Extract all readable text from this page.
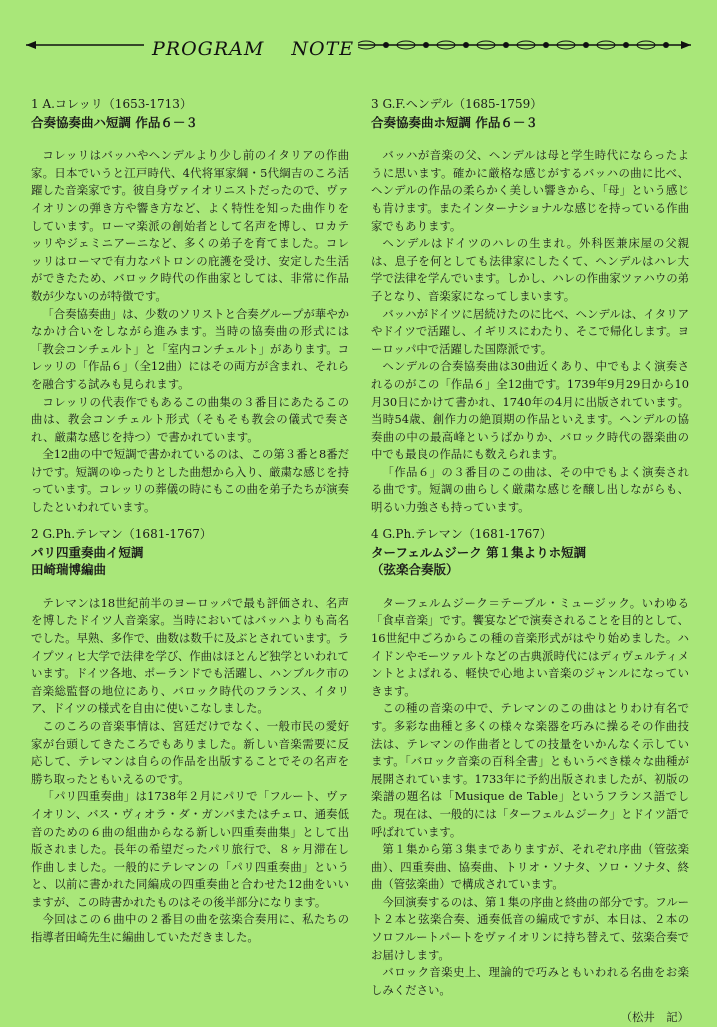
PROGRAM　 NOTE

1 A.コレッリ（1653-1713）

合奏協奏曲ハ短調 作品６－３

コレッリはバッハやヘンデルより少し前のイタリアの作曲家。日本でいうと江戸時代、4代将軍家綱・5代綱吉のころ活躍した音楽家です。彼自身ヴァイオリニストだったので、ヴァイオリンの弾き方や響き方など、よく特性を知った曲作りをしています。ローマ楽派の創始者として名声を博し、ロカテッリやジェミニアーニなど、多くの弟子を育てました。コレッリはローマで有力なパトロンの庇護を受け、安定した生活ができたため、バロック時代の作曲家としては、非常に作品数が少ないのが特徴です。

「合奏協奏曲」は、少数のソリストと合奏グループが華やかなかけ合いをしながら進みます。当時の協奏曲の形式には「教会コンチェルト」と「室内コンチェルト」があります。コレッリの「作品６」（全12曲）にはその両方が含まれ、それらを融合する試みも見られます。

コレッリの代表作でもあるこの曲集の３番目にあたるこの曲は、教会コンチェルト形式（そもそも教会の儀式で奏され、厳粛な感じを持つ）で書かれています。

全12曲の中で短調で書かれているのは、この第３番と8番だけです。短調のゆったりとした曲想から入り、厳粛な感じを持っています。コレッリの葬儀の時にもこの曲を弟子たちが演奏したといわれています。

3 G.F.ヘンデル（1685-1759）

合奏協奏曲ホ短調 作品６－３

バッハが音楽の父、ヘンデルは母と学生時代にならったように思います。確かに厳格な感じがするバッハの曲に比べ、ヘンデルの作品の柔らかく美しい響きから、「母」という感じも肯けます。またインターナショナルな感じを持っている作曲家でもあります。

ヘンデルはドイツのハレの生まれ。外科医兼床屋の父親は、息子を何としても法律家にしたくて、ヘンデルはハレ大学で法律を学んでいます。しかし、ハレの作曲家ツァハウの弟子となり、音楽家になってしまいます。

バッハがドイツに居続けたのに比べ、ヘンデルは、イタリアやドイツで活躍し、イギリスにわたり、そこで帰化します。ヨーロッパ中で活躍した国際派です。

ヘンデルの合奏協奏曲は30曲近くあり、中でもよく演奏されるのがこの「作品６」全12曲です。1739年9月29日から10月30日にかけて書かれ、1740年の4月に出版されています。当時54歳、創作力の絶頂期の作品といえます。ヘンデルの協奏曲の中の最高峰というばかりか、バロック時代の器楽曲の中でも最良の作品にも数えられます。

「作品６」の３番目のこの曲は、その中でもよく演奏される曲です。短調の曲らしく厳粛な感じを醸し出しながらも、明るい力強さも持っています。

2 G.Ph.テレマン（1681-1767）

パリ四重奏曲イ短調

田崎瑞博編曲

テレマンは18世紀前半のヨーロッパで最も評価され、名声を博したドイツ人音楽家。当時においてはバッハよりも高名でした。早熟、多作で、曲数は数千に及ぶとされています。ライプツィヒ大学で法律を学び、作曲はほとんど独学といわれています。ドイツ各地、ポーランドでも活躍し、ハンブルク市の音楽総監督の地位にあり、バロック時代のフランス、イタリア、ドイツの様式を自由に使いこなしました。

このころの音楽事情は、宮廷だけでなく、一般市民の愛好家が台頭してきたころでもありました。新しい音楽需要に反応して、テレマンは自らの作品を出版することでその名声を勝ち取ったともいえるのです。

「パリ四重奏曲」は1738年２月にパリで「フルート、ヴァイオリン、バス・ヴィオラ・ダ・ガンバまたはチェロ、通奏低音のための６曲の組曲からなる新しい四重奏曲集」として出版されました。長年の希望だったパリ旅行で、８ヶ月滞在し作曲しました。一般的にテレマンの「パリ四重奏曲」というと、以前に書かれた同編成の四重奏曲と合わせた12曲をいいますが、この時書かれたものはその後半部分になります。

今回はこの６曲中の２番目の曲を弦楽合奏用に、私たちの指導者田崎先生に編曲していただきました。

4 G.Ph.テレマン（1681-1767）

ターフェルムジーク 第１集よりホ短調

（弦楽合奏版）

ターフェルムジーク＝テーブル・ミュージック。いわゆる「食卓音楽」です。饗宴などで演奏されることを目的として、16世紀中ごろからこの種の音楽形式がはやり始めました。ハイドンやモーツァルトなどの古典派時代にはディヴェルティメントとよばれる、軽快で心地よい音楽のジャンルになっていきます。

この種の音楽の中で、テレマンのこの曲はとりわけ有名です。多彩な曲種と多くの様々な楽器を巧みに操るその作曲技法は、テレマンの作曲者としての技量をいかんなく示しています。「バロック音楽の百科全書」ともいうべき様々な曲種が展開されています。1733年に予約出版されましたが、初版の楽譜の題名は「Musique de Table」というフランス語でした。現在は、一般的には「ターフェルムジーク」とドイツ語で呼ばれています。

第１集から第３集までありますが、それぞれ序曲（管弦楽曲）、四重奏曲、協奏曲、トリオ・ソナタ、ソロ・ソナタ、終曲（管弦楽曲）で構成されています。

今回演奏するのは、第１集の序曲と終曲の部分です。フルート２本と弦楽合奏、通奏低音の編成ですが、本日は、２本のソロフルートパートをヴァイオリンに持ち替えて、弦楽合奏でお届けします。

バロック音楽史上、理論的で巧みともいわれる名曲をお楽しみください。

（松井　記）
